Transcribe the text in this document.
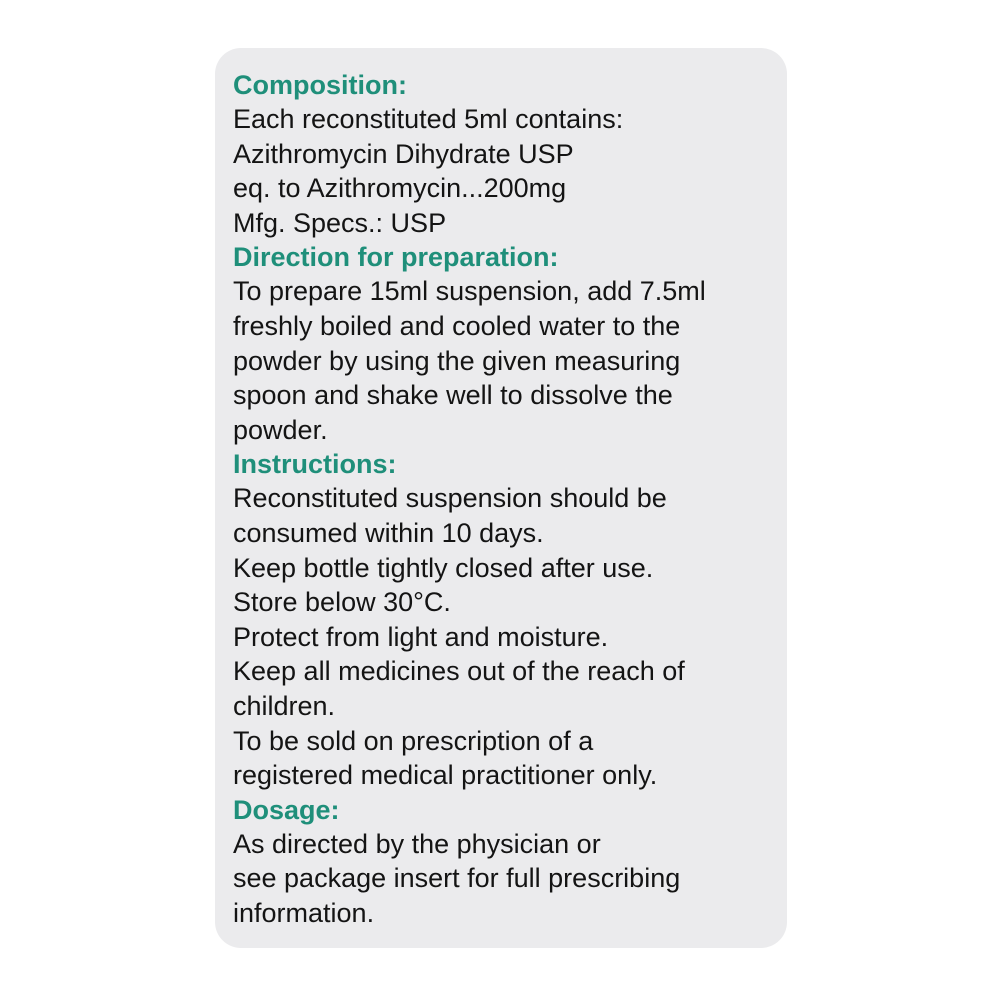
Composition:

Each reconstituted 5ml contains:

Azithromycin Dihydrate USP

eq. to Azithromycin...200mg

Mfg. Specs.: USP

Direction for preparation:

To prepare 15ml suspension, add 7.5ml

freshly boiled and cooled water to the

powder by using the given measuring

spoon and shake well to dissolve the

powder.

Instructions:

Reconstituted suspension should be

consumed within 10 days.

Keep bottle tightly closed after use.

Store below 30°C.

Protect from light and moisture.

Keep all medicines out of the reach of

children.

To be sold on prescription of a

registered medical practitioner only.

Dosage:

As directed by the physician or

see package insert for full prescribing

information.
